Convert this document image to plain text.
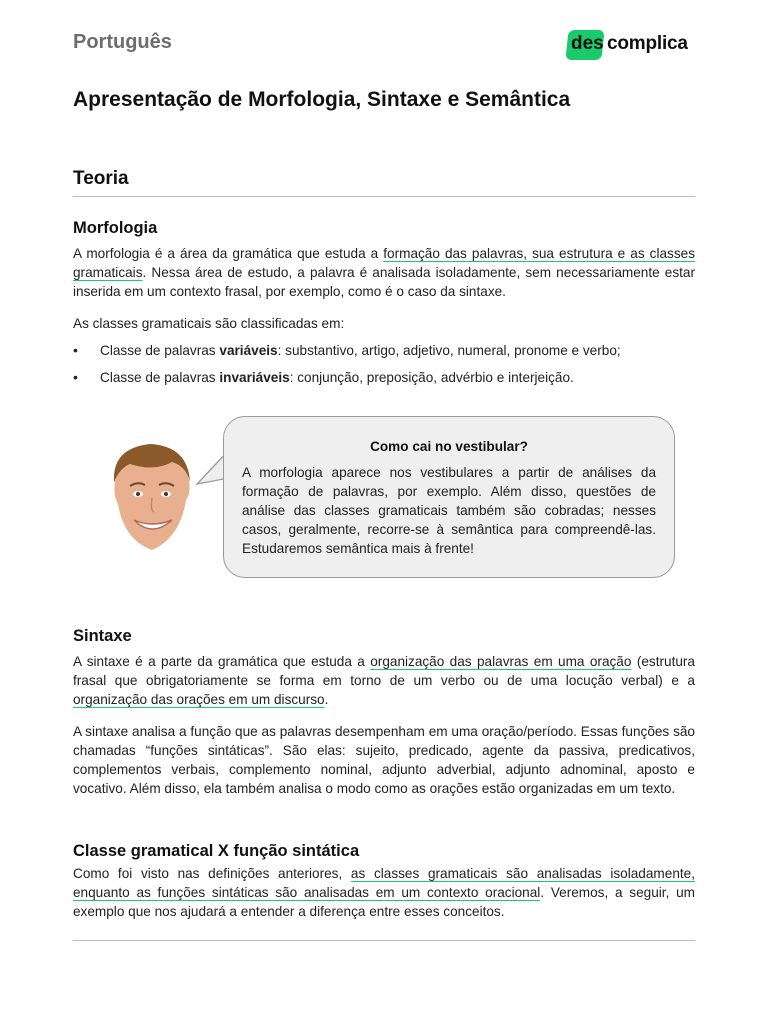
Português	des complica
Apresentação de Morfologia, Sintaxe e Semântica
Teoria
Morfologia

A morfologia é a área da gramática que estuda a formação das palavras, sua estrutura e as classes gramaticais. Nessa área de estudo, a palavra é analisada isoladamente, sem necessariamente estar inserida em um contexto frasal, por exemplo, como é o caso da sintaxe.

As classes gramaticais são classificadas em:

• Classe de palavras variáveis: substantivo, artigo, adjetivo, numeral, pronome e verbo;
• Classe de palavras invariáveis: conjunção, preposição, advérbio e interjeição.
Como cai no vestibular?

A morfologia aparece nos vestibulares a partir de análises da formação de palavras, por exemplo. Além disso, questões de análise das classes gramaticais também são cobradas; nesses casos, geralmente, recorre-se à semântica para compreendê-las. Estudaremos semântica mais à frente!

Sintaxe

A sintaxe é a parte da gramática que estuda a organização das palavras em uma oração (estrutura frasal que obrigatoriamente se forma em torno de um verbo ou de uma locução verbal) e a organização das orações em um discurso.

A sintaxe analisa a função que as palavras desempenham em uma oração/período. Essas funções são chamadas “funções sintáticas”. São elas: sujeito, predicado, agente da passiva, predicativos, complementos verbais, complemento nominal, adjunto adverbial, adjunto adnominal, aposto e vocativo. Além disso, ela também analisa o modo como as orações estão organizadas em um texto.

Classe gramatical X função sintática

Como foi visto nas definições anteriores, as classes gramaticais são analisadas isoladamente, enquanto as funções sintáticas são analisadas em um contexto oracional. Veremos, a seguir, um exemplo que nos ajudará a entender a diferença entre esses conceitos.
